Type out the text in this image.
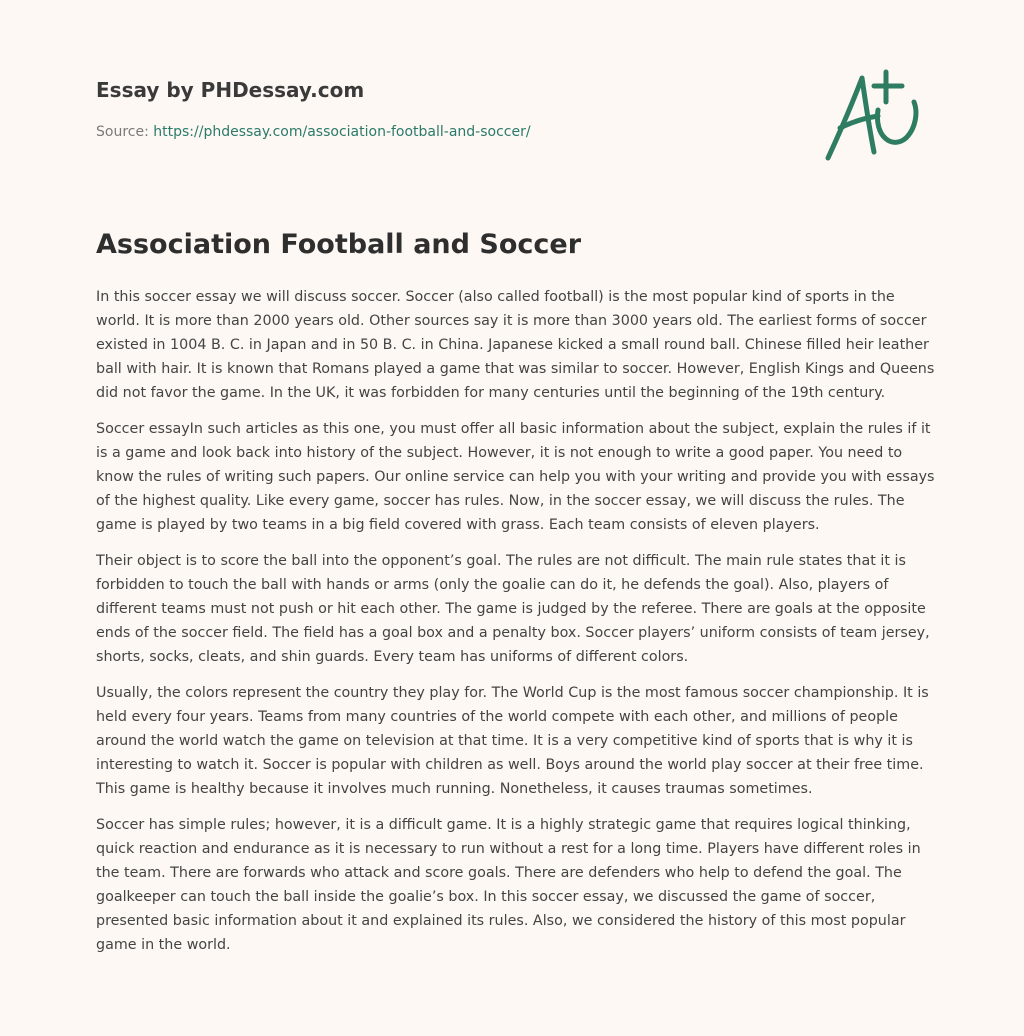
Essay by PHDessay.com
Source: https://phdessay.com/association-football-and-soccer/
Association Football and Soccer

In this soccer essay we will discuss soccer. Soccer (also called football) is the most popular kind of sports in the world. It is more than 2000 years old. Other sources say it is more than 3000 years old. The earliest forms of soccer existed in 1004 B. C. in Japan and in 50 B. C. in China. Japanese kicked a small round ball. Chinese filled heir leather ball with hair. It is known that Romans played a game that was similar to soccer. However, English Kings and Queens did not favor the game. In the UK, it was forbidden for many centuries until the beginning of the 19th century.

Soccer essayIn such articles as this one, you must offer all basic information about the subject, explain the rules if it is a game and look back into history of the subject. However, it is not enough to write a good paper. You need to know the rules of writing such papers. Our online service can help you with your writing and provide you with essays of the highest quality. Like every game, soccer has rules. Now, in the soccer essay, we will discuss the rules. The game is played by two teams in a big field covered with grass. Each team consists of eleven players.

Their object is to score the ball into the opponent’s goal. The rules are not difficult. The main rule states that it is forbidden to touch the ball with hands or arms (only the goalie can do it, he defends the goal). Also, players of different teams must not push or hit each other. The game is judged by the referee. There are goals at the opposite ends of the soccer field. The field has a goal box and a penalty box. Soccer players’ uniform consists of team jersey, shorts, socks, cleats, and shin guards. Every team has uniforms of different colors.

Usually, the colors represent the country they play for. The World Cup is the most famous soccer championship. It is held every four years. Teams from many countries of the world compete with each other, and millions of people around the world watch the game on television at that time. It is a very competitive kind of sports that is why it is interesting to watch it. Soccer is popular with children as well. Boys around the world play soccer at their free time. This game is healthy because it involves much running. Nonetheless, it causes traumas sometimes.

Soccer has simple rules; however, it is a difficult game. It is a highly strategic game that requires logical thinking, quick reaction and endurance as it is necessary to run without a rest for a long time. Players have different roles in the team. There are forwards who attack and score goals. There are defenders who help to defend the goal. The goalkeeper can touch the ball inside the goalie’s box. In this soccer essay, we discussed the game of soccer, presented basic information about it and explained its rules. Also, we considered the history of this most popular game in the world.
